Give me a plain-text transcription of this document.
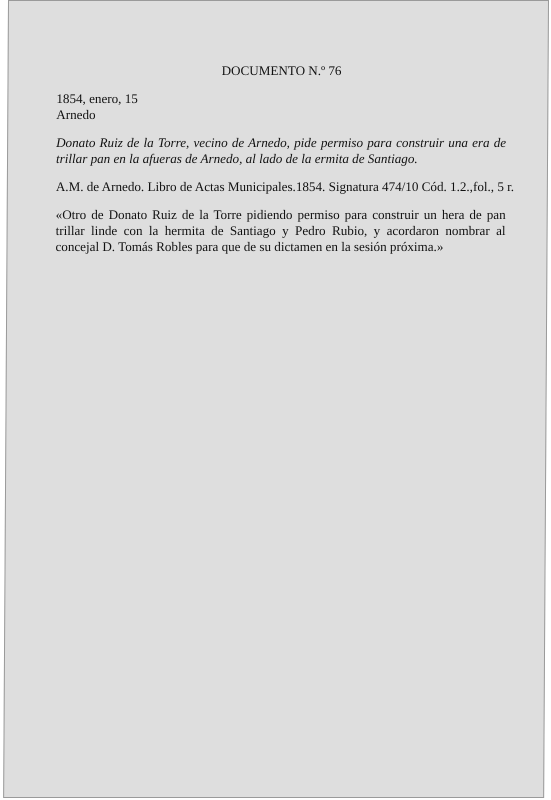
DOCUMENTO N.º 76
1854, enero, 15
Arnedo

Donato Ruiz de la Torre, vecino de Arnedo, pide permiso para construir una era de trillar pan en la afueras de Arnedo, al lado de la ermita de Santiago.

A.M. de Arnedo. Libro de Actas Municipales.1854. Signatura 474/10 Cód. 1.2.,fol., 5 r.

«Otro de Donato Ruiz de la Torre pidiendo permiso para construir un hera de pan trillar linde con la hermita de Santiago y Pedro Rubio, y acordaron nombrar al concejal D. Tomás Robles para que de su dictamen en la sesión próxima.»
